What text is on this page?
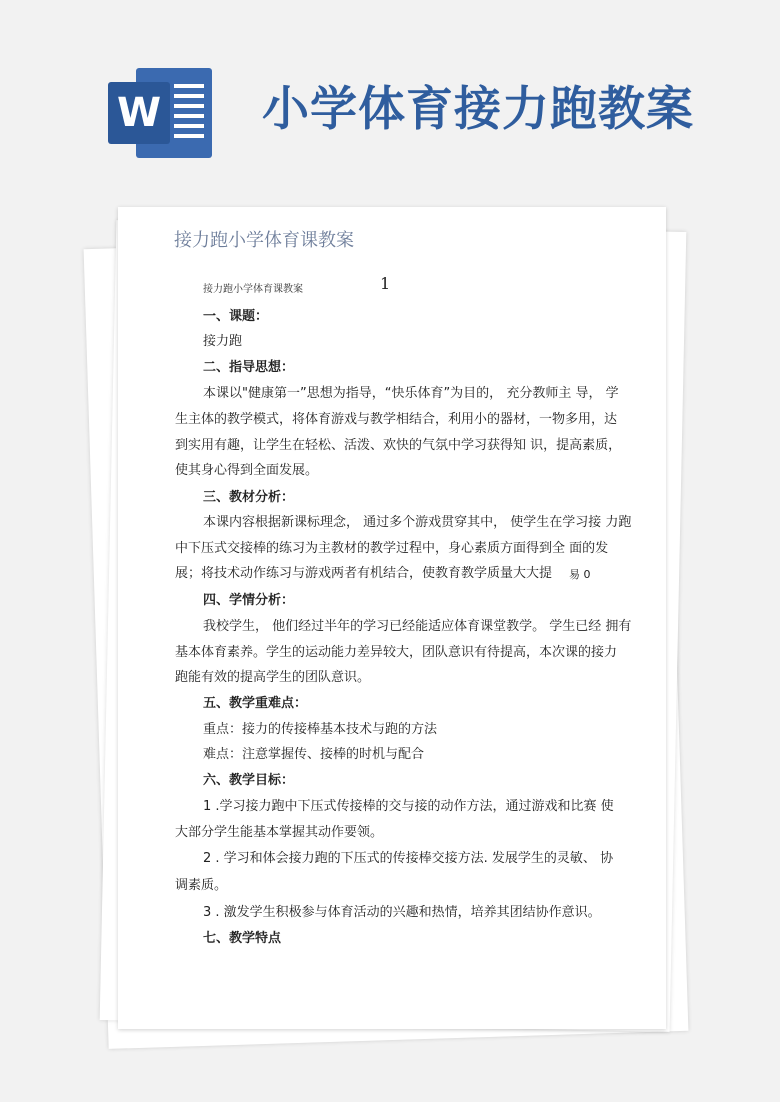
W 小学体育接力跑教案
接力跑小学体育课教案
接力跑小学体育课教案	1
一、课题：
接力跑
二、指导思想：
本课以"健康第一”思想为指导，“快乐体育”为目的， 充分教师主 导， 学
生主体的教学模式，将体育游戏与教学相结合，利用小的器材，一物多用，达
到实用有趣，让学生在轻松、活泼、欢快的气氛中学习获得知 识，提高素质，
使其身心得到全面发展。
三、教材分析：
本课内容根据新课标理念， 通过多个游戏贯穿其中， 使学生在学习接 力跑
中下压式交接棒的练习为主教材的教学过程中，身心素质方面得到全 面的发
展；将技术动作练习与游戏两者有机结合，使教育教学质量大大提 易 0
四、学情分析：
我校学生， 他们经过半年的学习已经能适应体育课堂教学。 学生已经 拥有
基本体育素养。学生的运动能力差异较大，团队意识有待提高，本次课的接力
跑能有效的提高学生的团队意识。
五、教学重难点：
重点：接力的传接棒基本技术与跑的方法
难点：注意掌握传、接棒的时机与配合
六、教学目标：
1 .学习接力跑中下压式传接棒的交与接的动作方法，通过游戏和比赛 使
大部分学生能基本掌握其动作要领。
2 . 学习和体会接力跑的下压式的传接棒交接方法. 发展学生的灵敏、 协
调素质。
3 . 激发学生积极参与体育活动的兴趣和热情，培养其团结协作意识。
七、教学特点
